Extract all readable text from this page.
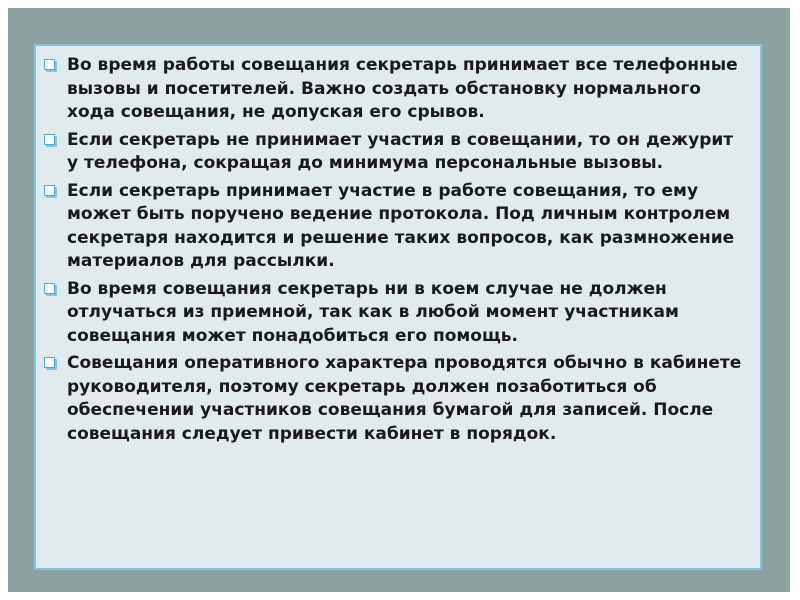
Во время работы совещания секретарь принимает все телефонные вызовы и посетителей. Важно создать обстановку нормального хода совещания, не допуская его срывов.
Если секретарь не принимает участия в совещании, то он дежурит у телефона, сокращая до минимума персональные вызовы.
Если секретарь принимает участие в работе совещания, то ему может быть поручено ведение протокола. Под личным контролем секретаря находится и решение таких вопросов, как размножение материалов для рассылки.
Во время совещания секретарь ни в коем случае не должен отлучаться из приемной, так как в любой момент участникам совещания может понадобиться его помощь.
Совещания оперативного характера проводятся обычно в кабинете руководителя, поэтому секретарь должен позаботиться об обеспечении участников совещания бумагой для записей. После совещания следует привести кабинет в порядок.
